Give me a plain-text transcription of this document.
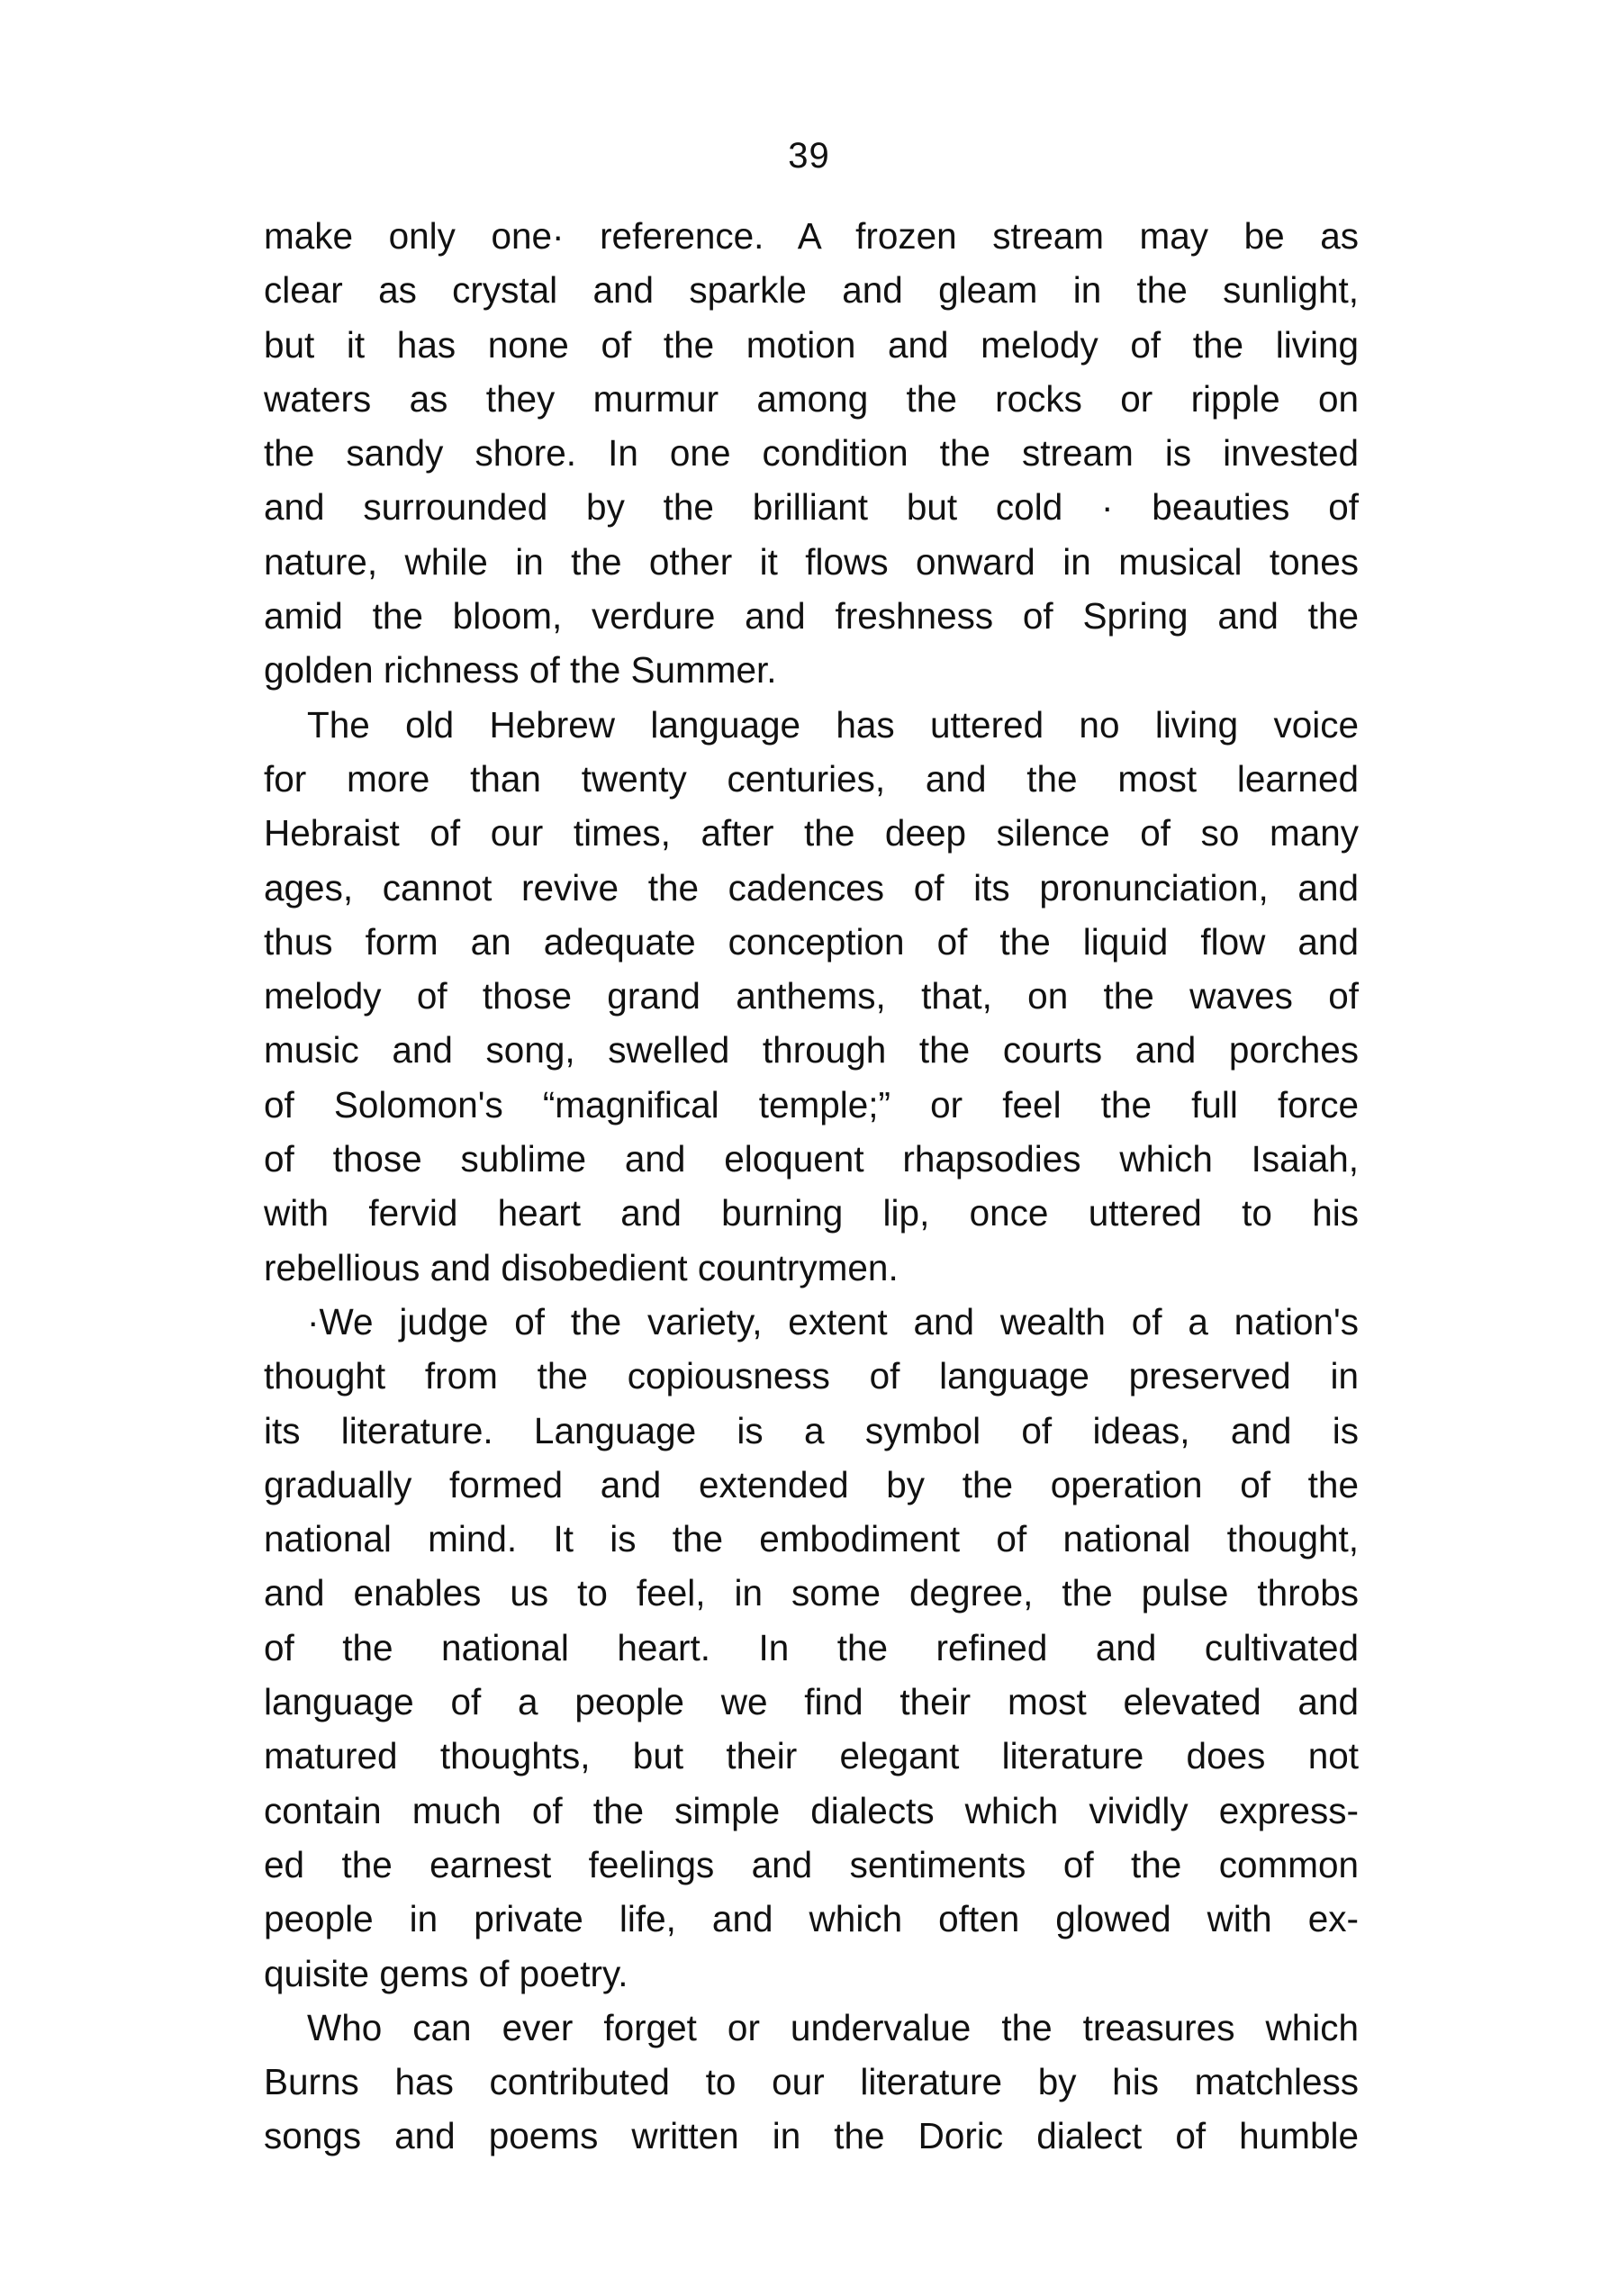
39
make only one· reference. A frozen stream may be as
clear as crystal and sparkle and gleam in the sunlight,
but it has none of the motion and melody of the living
waters as they murmur among the rocks or ripple on
the sandy shore. In one condition the stream is invested
and surrounded by the brilliant but cold · beauties of
nature, while in the other it flows onward in musical tones
amid the bloom, verdure and freshness of Spring and the
golden richness of the Summer.
The old Hebrew language has uttered no living voice
for more than twenty centuries, and the most learned
Hebraist of our times, after the deep silence of so many
ages, cannot revive the cadences of its pronunciation, and
thus form an adequate conception of the liquid flow and
melody of those grand anthems, that, on the waves of
music and song, swelled through the courts and porches
of Solomon's “magnifical temple;” or feel the full force
of those sublime and eloquent rhapsodies which Isaiah,
with fervid heart and burning lip, once uttered to his
rebellious and disobedient countrymen.
·We judge of the variety, extent and wealth of a nation's
thought from the copiousness of language preserved in
its literature. Language is a symbol of ideas, and is
gradually formed and extended by the operation of the
national mind. It is the embodiment of national thought,
and enables us to feel, in some degree, the pulse throbs
of the national heart. In the refined and cultivated
language of a people we find their most elevated and
matured thoughts, but their elegant literature does not
contain much of the simple dialects which vividly express-
ed the earnest feelings and sentiments of the common
people in private life, and which often glowed with ex-
quisite gems of poetry.
Who can ever forget or undervalue the treasures which
Burns has contributed to our literature by his matchless
songs and poems written in the Doric dialect of humble
